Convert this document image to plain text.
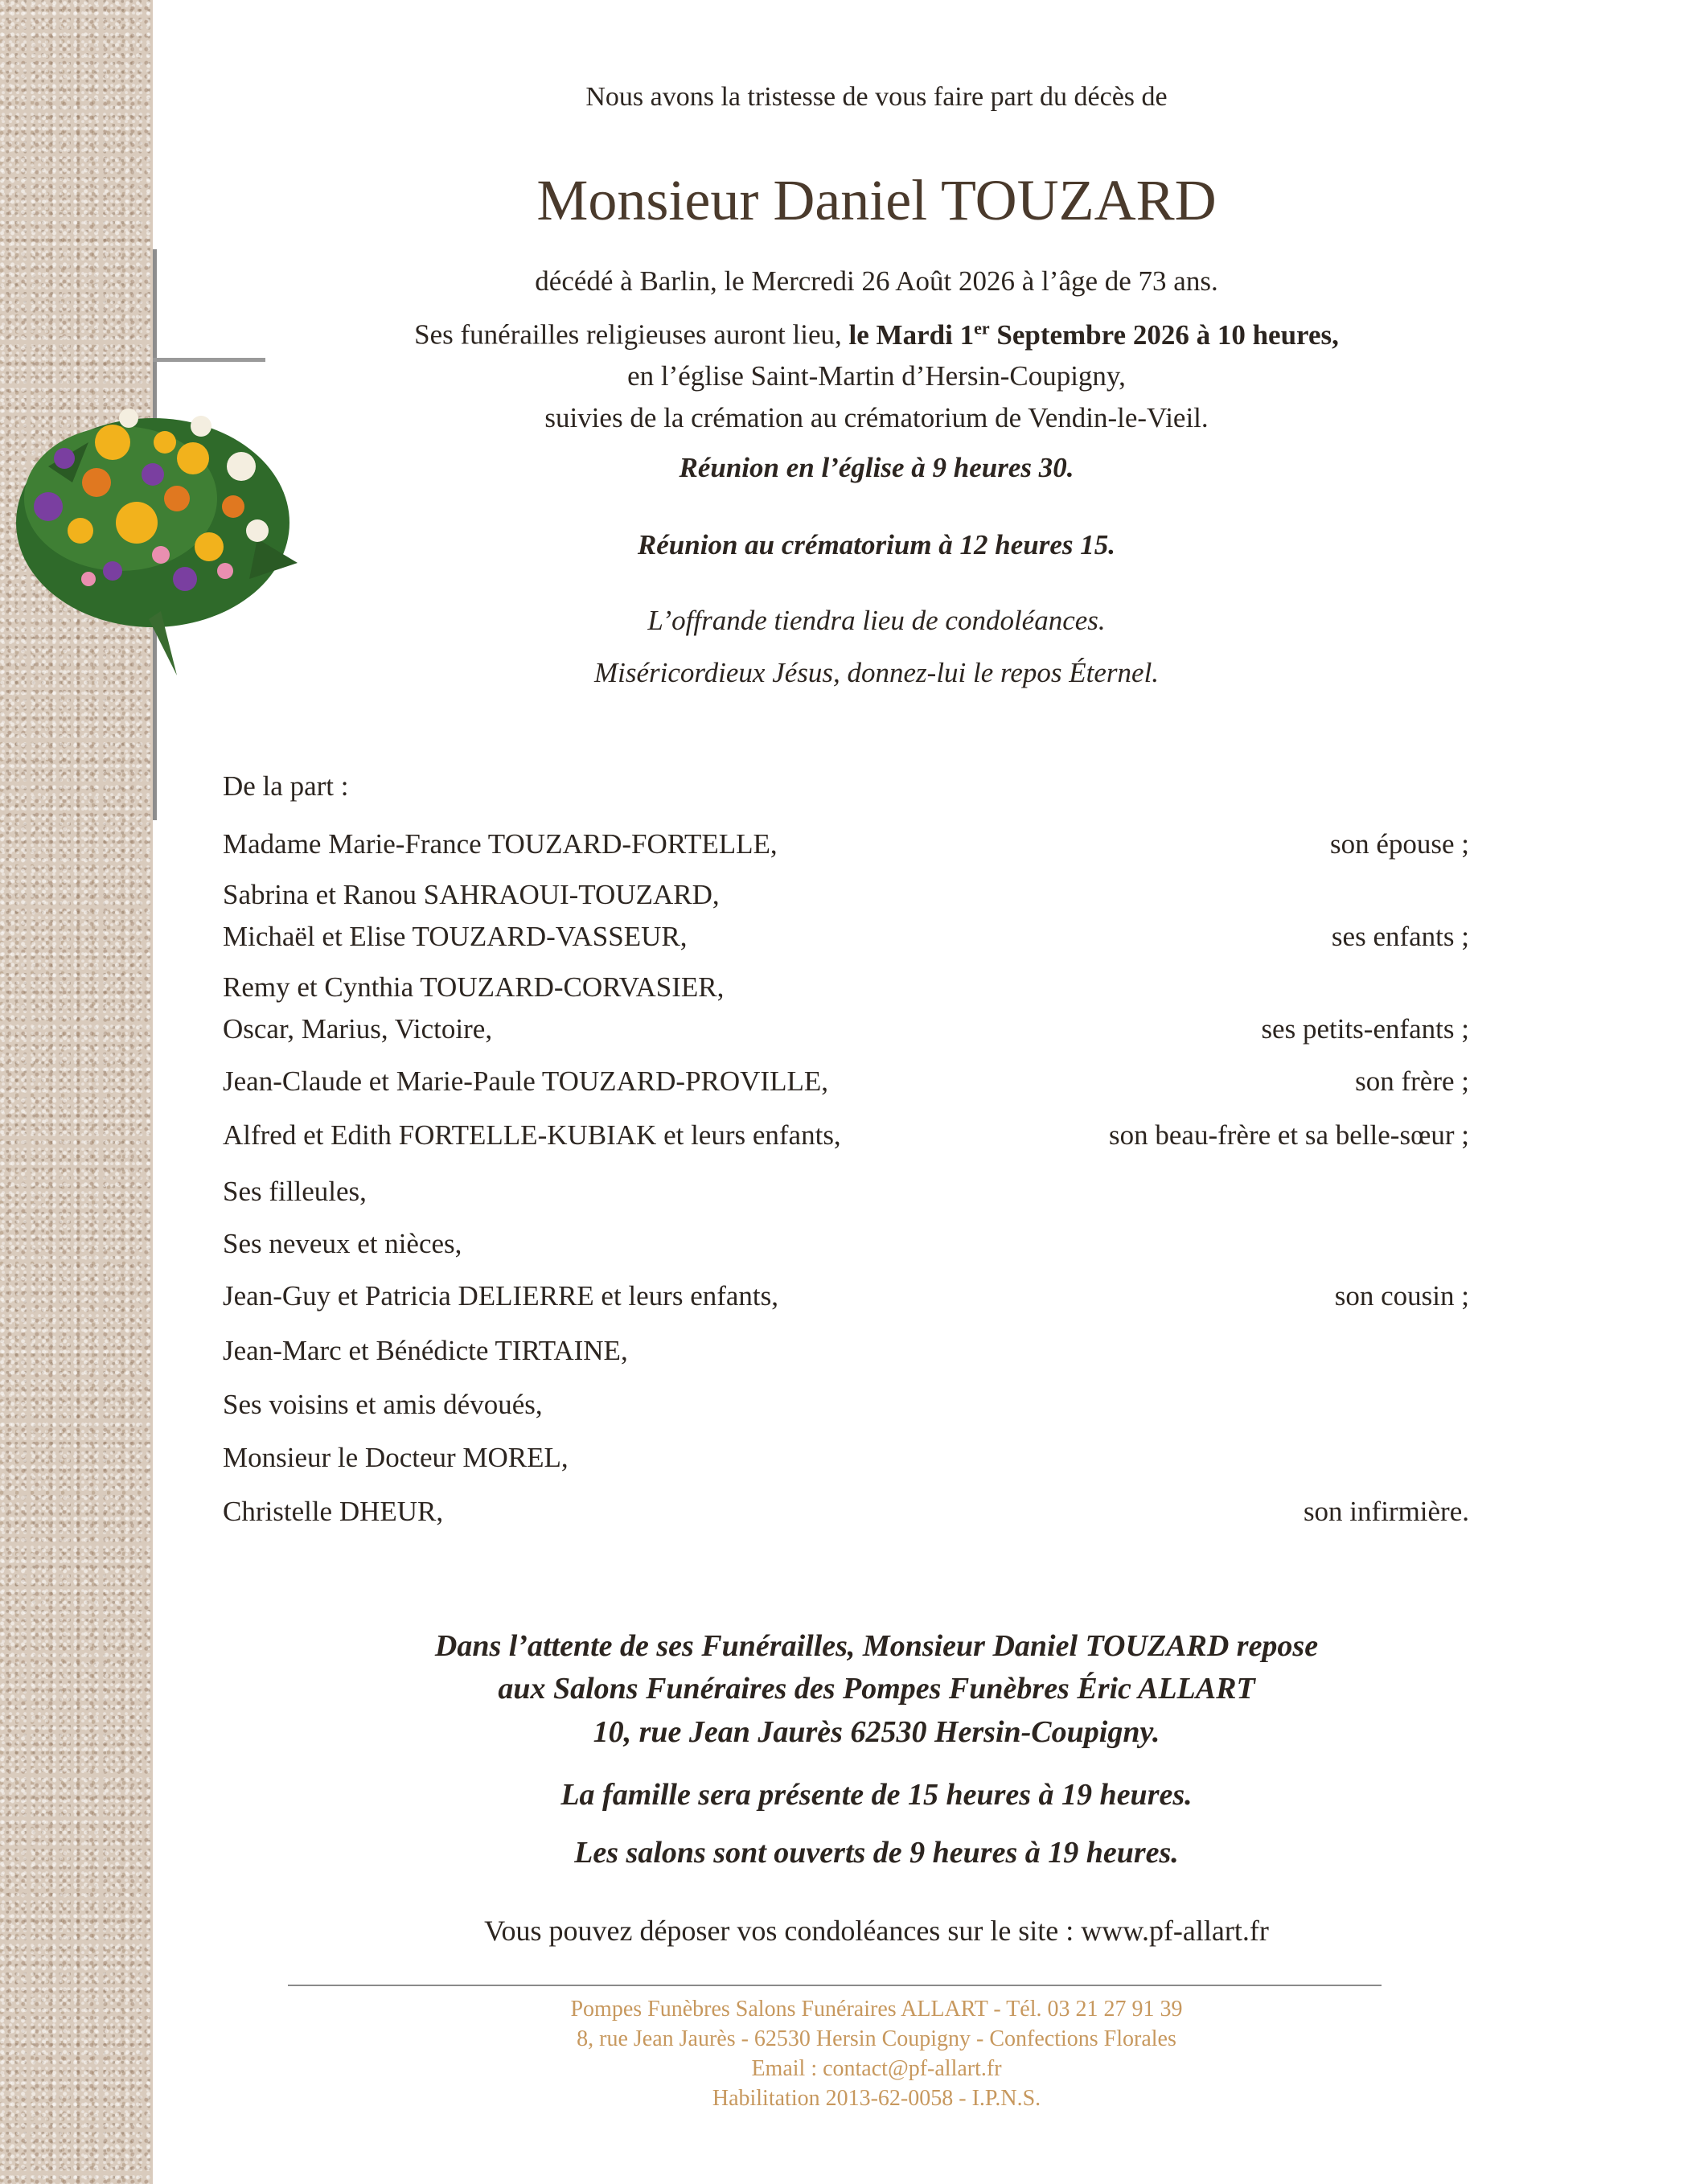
Nous avons la tristesse de vous faire part du décès de
Monsieur Daniel TOUZARD
décédé à Barlin, le Mercredi 26 Août 2026 à l’âge de 73 ans.
Ses funérailles religieuses auront lieu, le Mardi 1er Septembre 2026 à 10 heures,
en l’église Saint-Martin d’Hersin-Coupigny,
suivies de la crémation au crématorium de Vendin-le-Vieil.
Réunion en l’église à 9 heures 30.
Réunion au crématorium à 12 heures 15.
L’offrande tiendra lieu de condoléances.
Miséricordieux Jésus, donnez-lui le repos Éternel.
De la part :
Madame Marie-France TOUZARD-FORTELLE,	son épouse ;
Sabrina et Ranou SAHRAOUI-TOUZARD,
Michaël et Elise TOUZARD-VASSEUR,	ses enfants ;
Remy et Cynthia TOUZARD-CORVASIER,
Oscar, Marius, Victoire,	ses petits-enfants ;
Jean-Claude et Marie-Paule TOUZARD-PROVILLE,	son frère ;
Alfred et Edith FORTELLE-KUBIAK et leurs enfants,	son beau-frère et sa belle-sœur ;
Ses filleules,
Ses neveux et nièces,
Jean-Guy et Patricia DELIERRE et leurs enfants,	son cousin ;
Jean-Marc et Bénédicte TIRTAINE,
Ses voisins et amis dévoués,
Monsieur le Docteur MOREL,
Christelle DHEUR,	son infirmière.
Dans l’attente de ses Funérailles, Monsieur Daniel TOUZARD repose
aux Salons Funéraires des Pompes Funèbres Éric ALLART
10, rue Jean Jaurès 62530 Hersin-Coupigny.
La famille sera présente de 15 heures à 19 heures.
Les salons sont ouverts de 9 heures à 19 heures.
Vous pouvez déposer vos condoléances sur le site : www.pf-allart.fr
Pompes Funèbres Salons Funéraires ALLART - Tél. 03 21 27 91 39
8, rue Jean Jaurès - 62530 Hersin Coupigny - Confections Florales
Email : contact@pf-allart.fr
Habilitation 2013-62-0058 - I.P.N.S.
